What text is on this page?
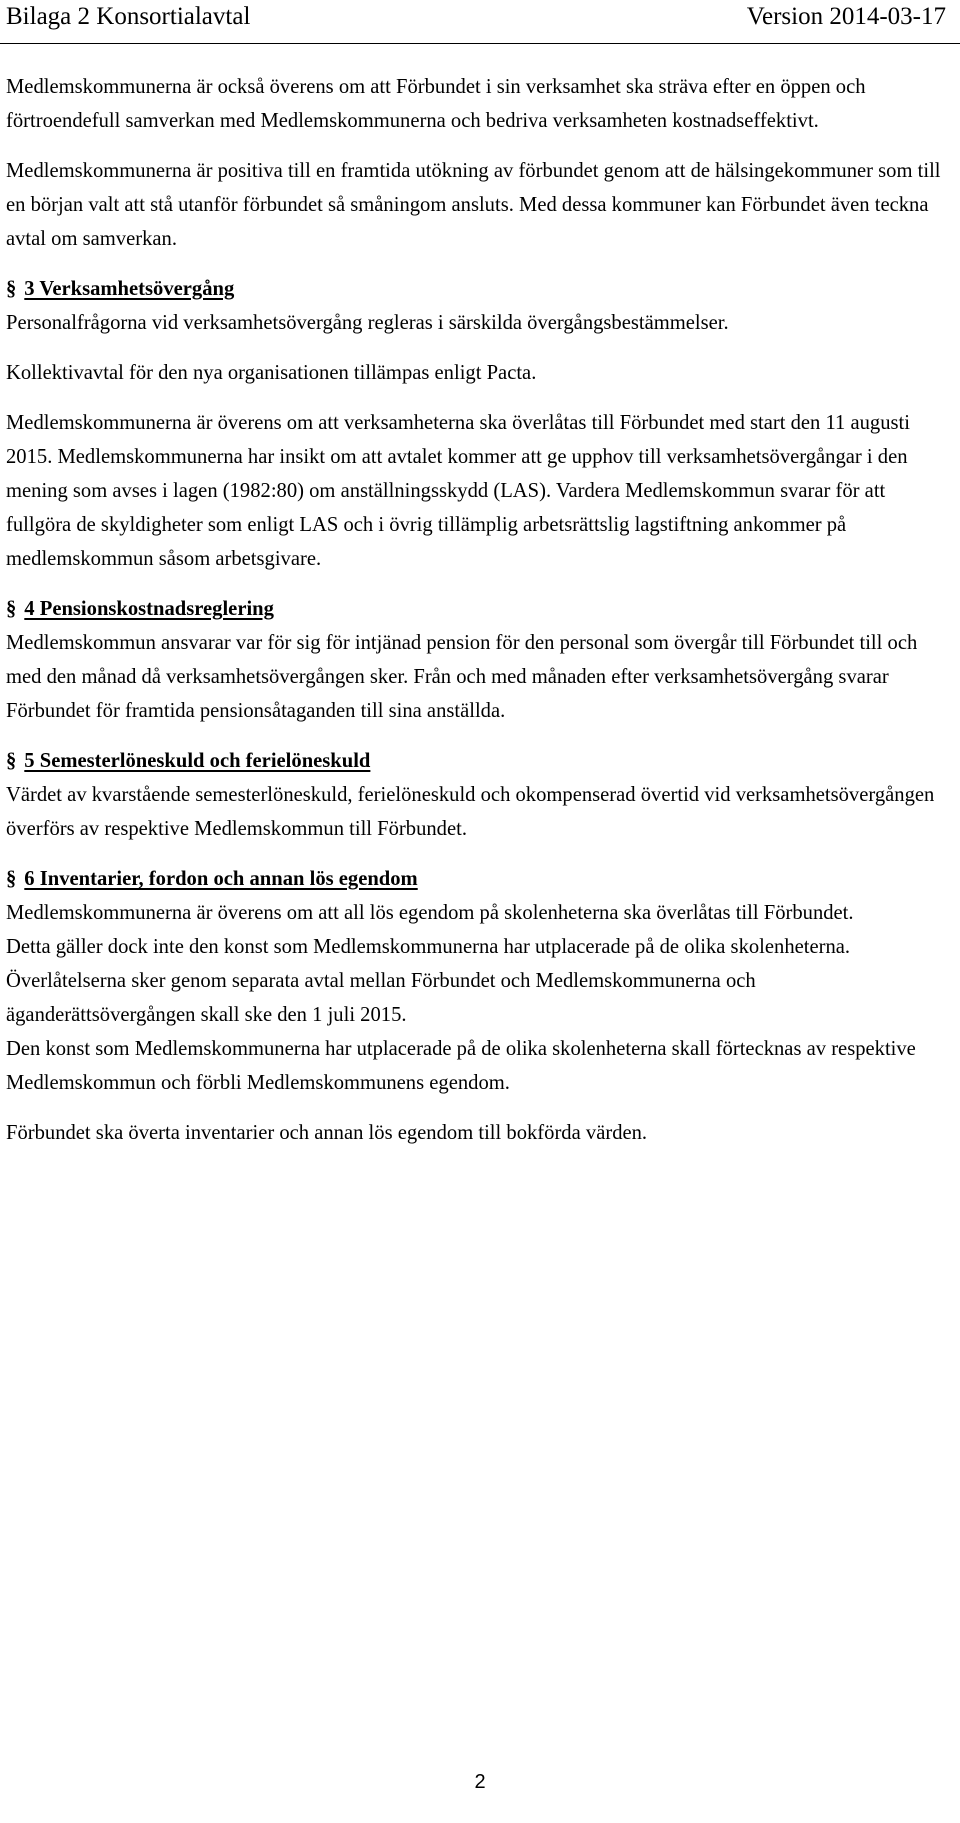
Bilaga 2 Konsortialavtal	Version 2014-03-17

Medlemskommunerna är också överens om att Förbundet i sin verksamhet ska sträva efter en öppen och förtroendefull samverkan med Medlemskommunerna och bedriva verksamheten kostnadseffektivt.

Medlemskommunerna är positiva till en framtida utökning av förbundet genom att de hälsingekommuner som till en början valt att stå utanför förbundet så småningom ansluts. Med dessa kommuner kan Förbundet även teckna avtal om samverkan.

§ 3 Verksamhetsövergång

Personalfrågorna vid verksamhetsövergång regleras i särskilda övergångsbestämmelser.

Kollektivavtal för den nya organisationen tillämpas enligt Pacta.

Medlemskommunerna är överens om att verksamheterna ska överlåtas till Förbundet med start den 11 augusti 2015. Medlemskommunerna har insikt om att avtalet kommer att ge upphov till verksamhetsövergångar i den mening som avses i lagen (1982:80) om anställningsskydd (LAS). Vardera Medlemskommun svarar för att fullgöra de skyldigheter som enligt LAS och i övrig tillämplig arbetsrättslig lagstiftning ankommer på medlemskommun såsom arbetsgivare.

§ 4 Pensionskostnadsreglering

Medlemskommun ansvarar var för sig för intjänad pension för den personal som övergår till Förbundet till och med den månad då verksamhetsövergången sker. Från och med månaden efter verksamhetsövergång svarar Förbundet för framtida pensionsåtaganden till sina anställda.

§ 5 Semesterlöneskuld och ferielöneskuld

Värdet av kvarstående semesterlöneskuld, ferielöneskuld och okompenserad övertid vid verksamhetsövergången överförs av respektive Medlemskommun till Förbundet.

§ 6 Inventarier, fordon och annan lös egendom

Medlemskommunerna är överens om att all lös egendom på skolenheterna ska överlåtas till Förbundet.

Detta gäller dock inte den konst som Medlemskommunerna har utplacerade på de olika skolenheterna.

Överlåtelserna sker genom separata avtal mellan Förbundet och Medlemskommunerna och äganderättsövergången skall ske den 1 juli 2015.

Den konst som Medlemskommunerna har utplacerade på de olika skolenheterna skall förtecknas av respektive Medlemskommun och förbli Medlemskommunens egendom.

Förbundet ska överta inventarier och annan lös egendom till bokförda värden.

2
